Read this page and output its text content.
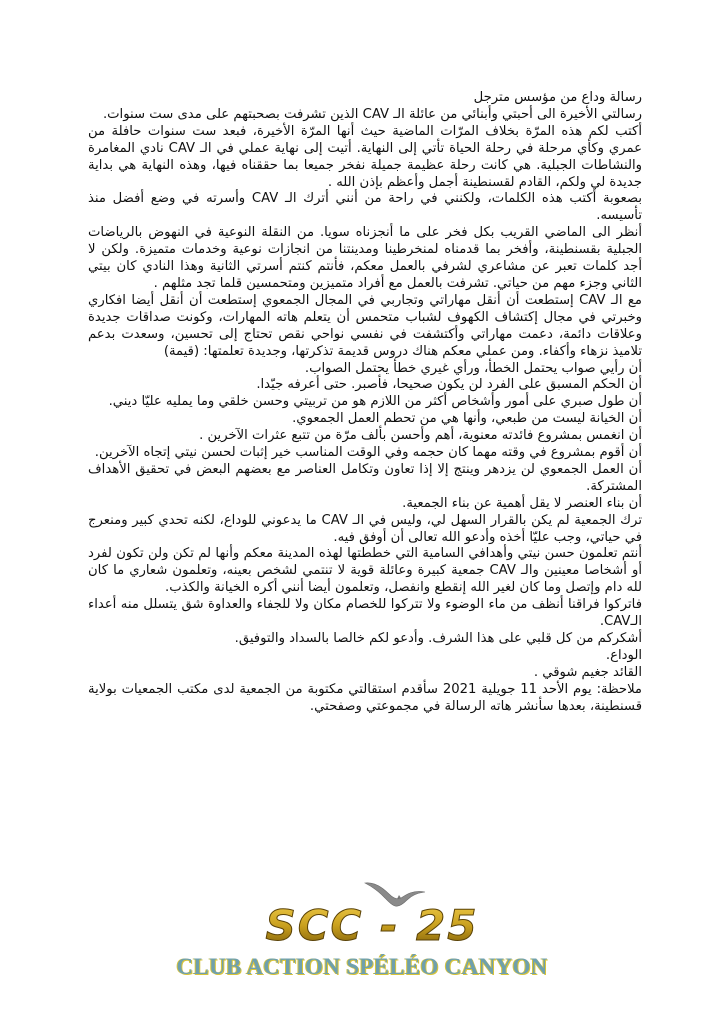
رسالة وداع من مؤسس مترجل
رسالتي الأخيرة الى أحبتي وأبنائي من عائلة الـ CAV الذين تشرفت بصحبتهم على مدى ست سنوات.
أكتب لكم هذه المرّة بخلاف المرّات الماضية حيث أنها المرّة الأخيرة، فبعد ست سنوات حافلة من عمري وكأي مرحلة في رحلة الحياة تأتي إلى النهاية. أتيت إلى نهاية عملي في الـ CAV نادي المغامرة والنشاطات الجبلية. هي كانت رحلة عظيمة جميلة نفخر جميعا بما حققناه فيها، وهذه النهاية هي بداية جديدة لي ولكم، القادم لقسنطينة أجمل وأعظم بإذن الله .
بصعوبة أكتب هذه الكلمات، ولكنني في راحة من أنني أترك الـ CAV وأسرته في وضع أفضل منذ تأسيسه.
أنظر الى الماضي القريب بكل فخر على ما أنجزناه سويا. من النقلة النوعية في النهوض بالرياضات الجبلية بقسنطينة، وأفخر بما قدمناه لمنخرطينا ومدينتنا من انجازات نوعية وخدمات متميزة. ولكن لا أجد كلمات تعبر عن مشاعري لشرفي بالعمل معكم، فأنتم كنتم أسرتي الثانية وهذا النادي كان بيتي الثاني وجزء مهم من حياتي. تشرفت بالعمل مع أفراد متميزين ومتحمسين قلما تجد مثلهم .
مع الـ CAV إستطعت أن أنقل مهاراتي وتجاربي في المجال الجمعوي إستطعت أن أنقل أيضا افكاري وخبرتي في مجال إكتشاف الكهوف لشباب متحمس أن يتعلم هاته المهارات، وكونت صداقات جديدة وعلاقات دائمة، دعمت مهاراتي وأكتشفت في نفسي نواحي نقص تحتاج إلى تحسين، وسعدت بدعم تلاميذ نزهاء وأكفاء. ومن عملي معكم هناك دروس قديمة تذكرتها، وجديدة تعلمتها: (قيمة)
أن رأيي صواب يحتمل الخطأ، ورأي غيري خطأ يحتمل الصواب.
أن الحكم المسبق على الفرد لن يكون صحيحا، فأصبر. حتى أعرفه جيّدا.
أن طول صبري على أمور وأشخاص أكثر من اللازم هو من تربيتي وحسن خلقي وما يمليه عليّا ديني.
أن الخيانة ليست من طبعي، وأنها هي من تحطم العمل الجمعوي.
أن انغمس بمشروع فائدته معنوية، أهم وأحسن بألف مرّة من تتبع عثرات الآخرين .
أن أقوم بمشروع في وقته مهما كان حجمه وفي الوقت المناسب خير إثبات لحسن نيتي إتجاه الآخرين.
أن العمل الجمعوي لن يزدهر وينتج إلا إذا تعاون وتكامل العناصر مع بعضهم البعض في تحقيق الأهداف المشتركة.
أن بناء العنصر لا يقل أهمية عن بناء الجمعية.
ترك الجمعية لم يكن بالقرار السهل لي، وليس في الـ CAV ما يدعوني للوداع، لكنه تحدي كبير ومنعرج في حياتي، وجب عليّا أخذه وأدعو الله تعالى أن أوفق فيه.
أنتم تعلمون حسن نيتي وأهدافي السامية التي خططتها لهذه المدينة معكم وأنها لم تكن ولن تكون لفرد أو أشخاصا معينين والـ CAV جمعية كبيرة وعائلة قوية لا تنتمي لشخص بعينه، وتعلمون شعاري ما كان لله دام وإتصل وما كان لغير الله إنقطع وانفصل، وتعلمون أيضا أنني أكره الخيانة والكذب.
فاتركوا فراقنا أنظف من ماء الوضوء ولا تتركوا للخصام مكان ولا للجفاء والعداوة شق يتسلل منه أعداء الـCAV.
أشكركم من كل قلبي على هذا الشرف. وأدعو لكم خالصا بالسداد والتوفيق.
الوداع.
القائد جغيم شوقي .
ملاحظة: يوم الأحد 11 جويلية 2021 سأقدم استقالتي مكتوبة من الجمعية لدى مكتب الجمعيات بولاية قسنطينة، بعدها سأنشر هاته الرسالة في مجموعتي وصفحتي.
SCC - 25
CLUB ACTION SPÉLÉO CANYON
